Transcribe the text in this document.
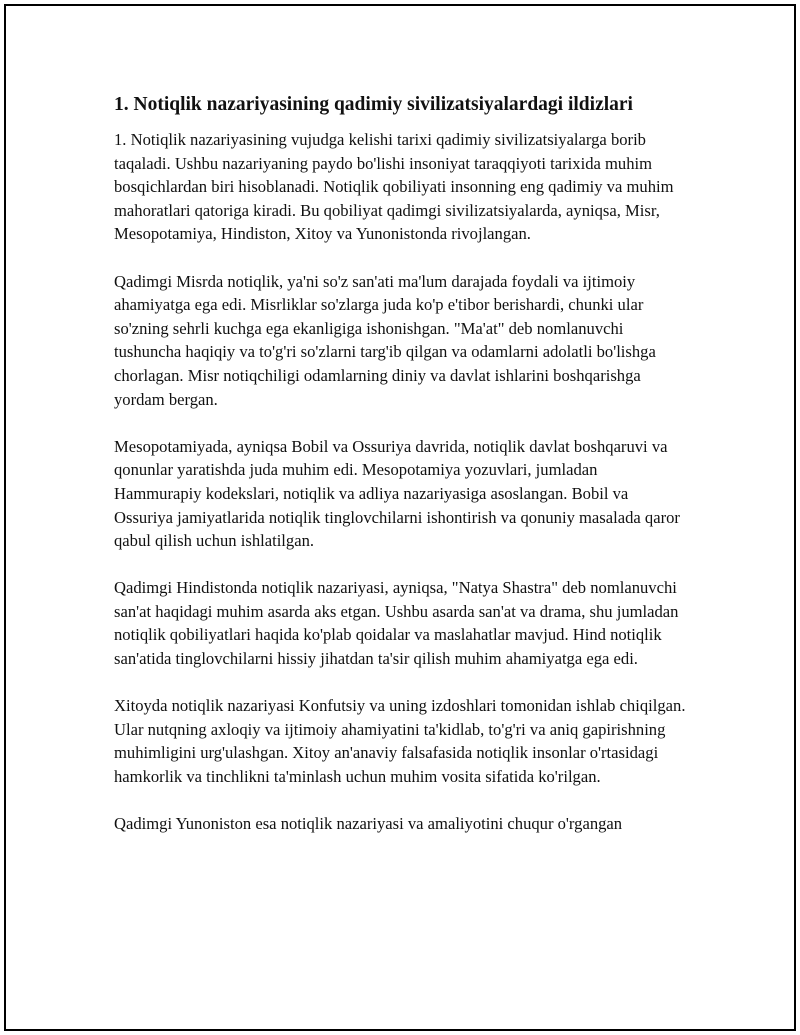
1. Notiqlik nazariyasining qadimiy sivilizatsiyalardagi ildizlari

1. Notiqlik nazariyasining vujudga kelishi tarixi qadimiy sivilizatsiyalarga borib taqaladi. Ushbu nazariyaning paydo bo'lishi insoniyat taraqqiyoti tarixida muhim bosqichlardan biri hisoblanadi. Notiqlik qobiliyati insonning eng qadimiy va muhim mahoratlari qatoriga kiradi. Bu qobiliyat qadimgi sivilizatsiyalarda, ayniqsa, Misr, Mesopotamiya, Hindiston, Xitoy va Yunonistonda rivojlangan.

Qadimgi Misrda notiqlik, ya'ni so'z san'ati ma'lum darajada foydali va ijtimoiy ahamiyatga ega edi. Misrliklar so'zlarga juda ko'p e'tibor berishardi, chunki ular so'zning sehrli kuchga ega ekanligiga ishonishgan. "Ma'at" deb nomlanuvchi tushuncha haqiqiy va to'g'ri so'zlarni targ'ib qilgan va odamlarni adolatli bo'lishga chorlagan. Misr notiqchiligi odamlarning diniy va davlat ishlarini boshqarishga yordam bergan.

Mesopotamiyada, ayniqsa Bobil va Ossuriya davrida, notiqlik davlat boshqaruvi va qonunlar yaratishda juda muhim edi. Mesopotamiya yozuvlari, jumladan Hammurapiy kodekslari, notiqlik va adliya nazariyasiga asoslangan. Bobil va Ossuriya jamiyatlarida notiqlik tinglovchilarni ishontirish va qonuniy masalada qaror qabul qilish uchun ishlatilgan.

Qadimgi Hindistonda notiqlik nazariyasi, ayniqsa, "Natya Shastra" deb nomlanuvchi san'at haqidagi muhim asarda aks etgan. Ushbu asarda san'at va drama, shu jumladan notiqlik qobiliyatlari haqida ko'plab qoidalar va maslahatlar mavjud. Hind notiqlik san'atida tinglovchilarni hissiy jihatdan ta'sir qilish muhim ahamiyatga ega edi.

Xitoyda notiqlik nazariyasi Konfutsiy va uning izdoshlari tomonidan ishlab chiqilgan. Ular nutqning axloqiy va ijtimoiy ahamiyatini ta'kidlab, to'g'ri va aniq gapirishning muhimligini urg'ulashgan. Xitoy an'anaviy falsafasida notiqlik insonlar o'rtasidagi hamkorlik va tinchlikni ta'minlash uchun muhim vosita sifatida ko'rilgan.

Qadimgi Yunoniston esa notiqlik nazariyasi va amaliyotini chuqur o'rgangan
